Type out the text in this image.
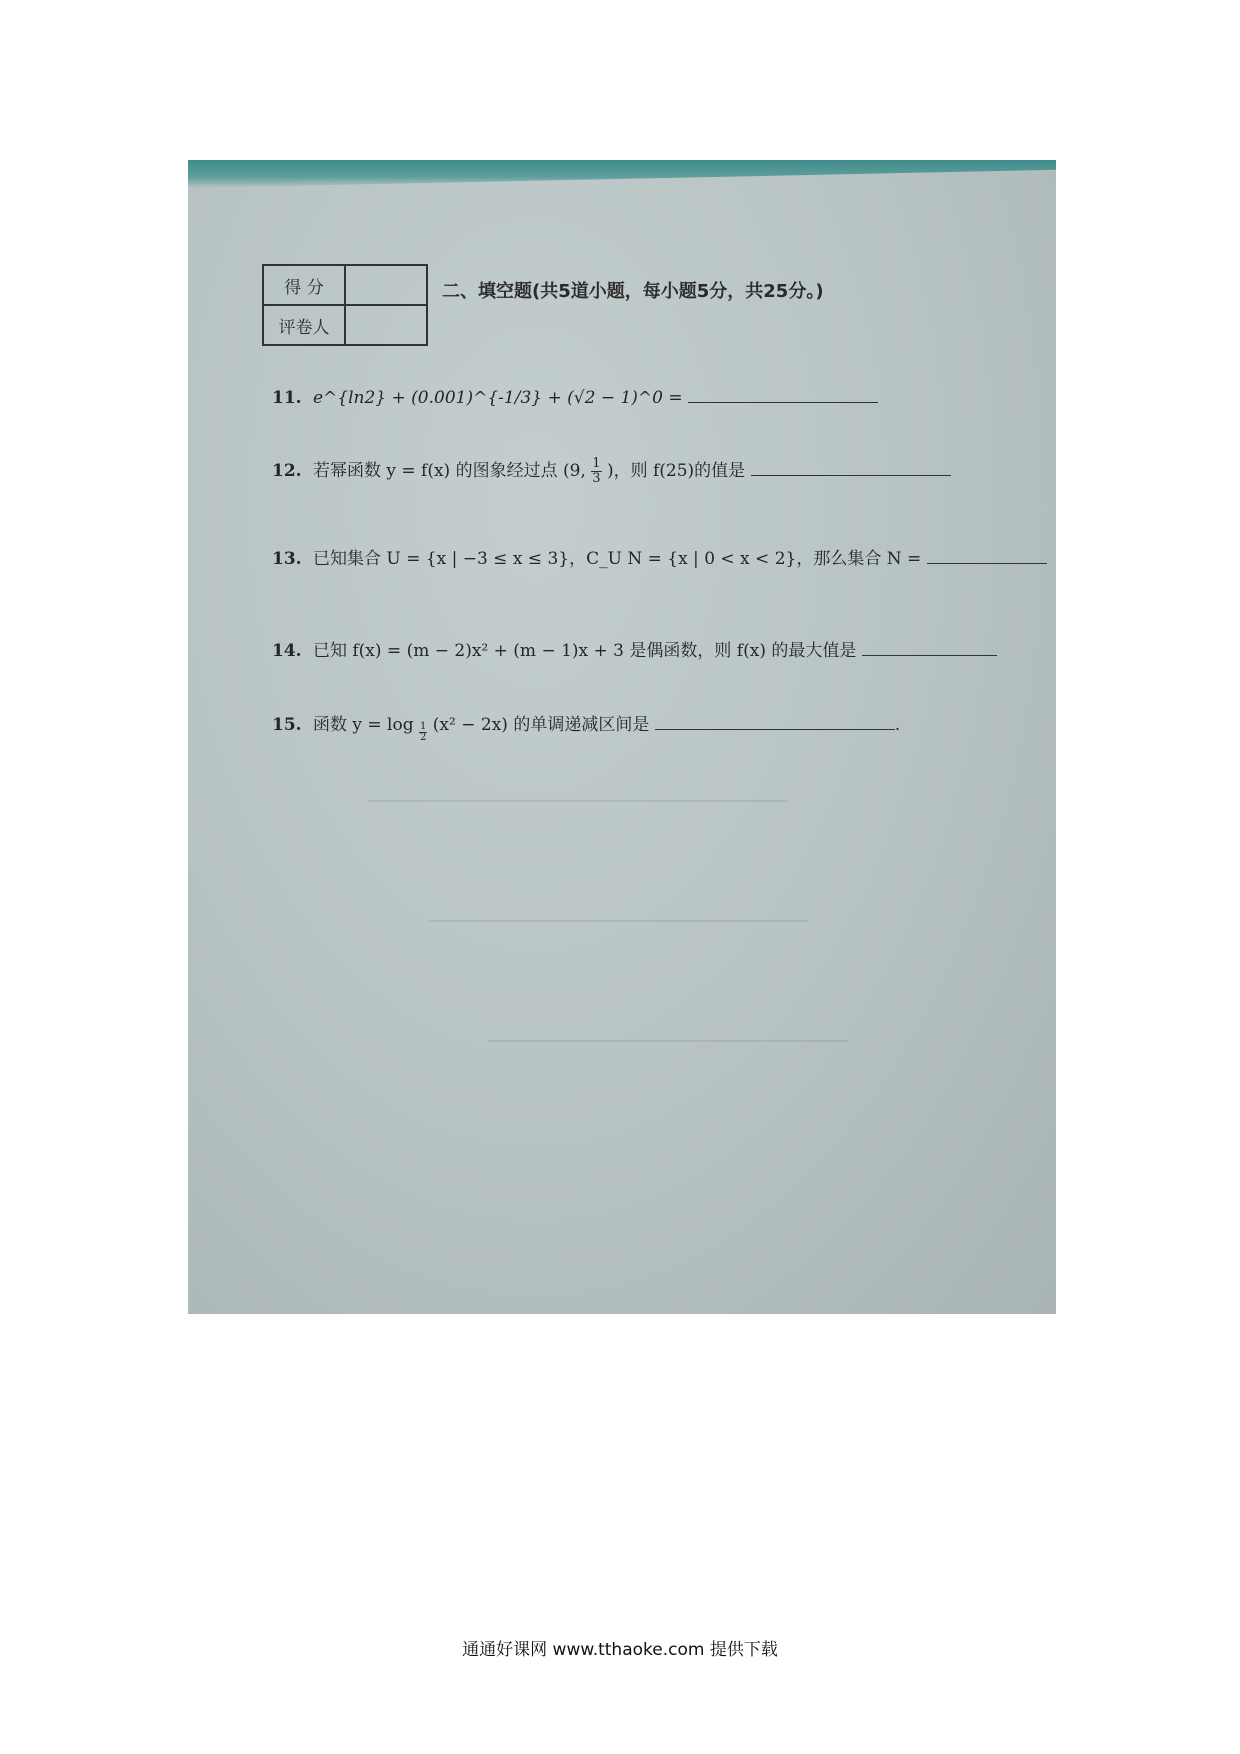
得 分	
评卷人	
二、填空题(共5道小题，每小题5分，共25分。)
11. e^{ln2} + (0.001)^{-1/3} + (√2 − 1)^0 =
12. 若幂函数 y = f(x) 的图象经过点 (9, $\frac{1}{3}$ )，则 f(25)的值是
13. 已知集合 U = {x | −3 ≤ x ≤ 3}，C_U N = {x | 0 < x < 2}，那么集合 N =
14. 已知 f(x) = (m − 2)x² + (m − 1)x + 3 是偶函数，则 f(x) 的最大值是
15. 函数 $y = \log \frac{1}{2} (x^2 - 2x)$ 的单调递减区间是	.
通通好课网 www.tthaoke.com 提供下载
